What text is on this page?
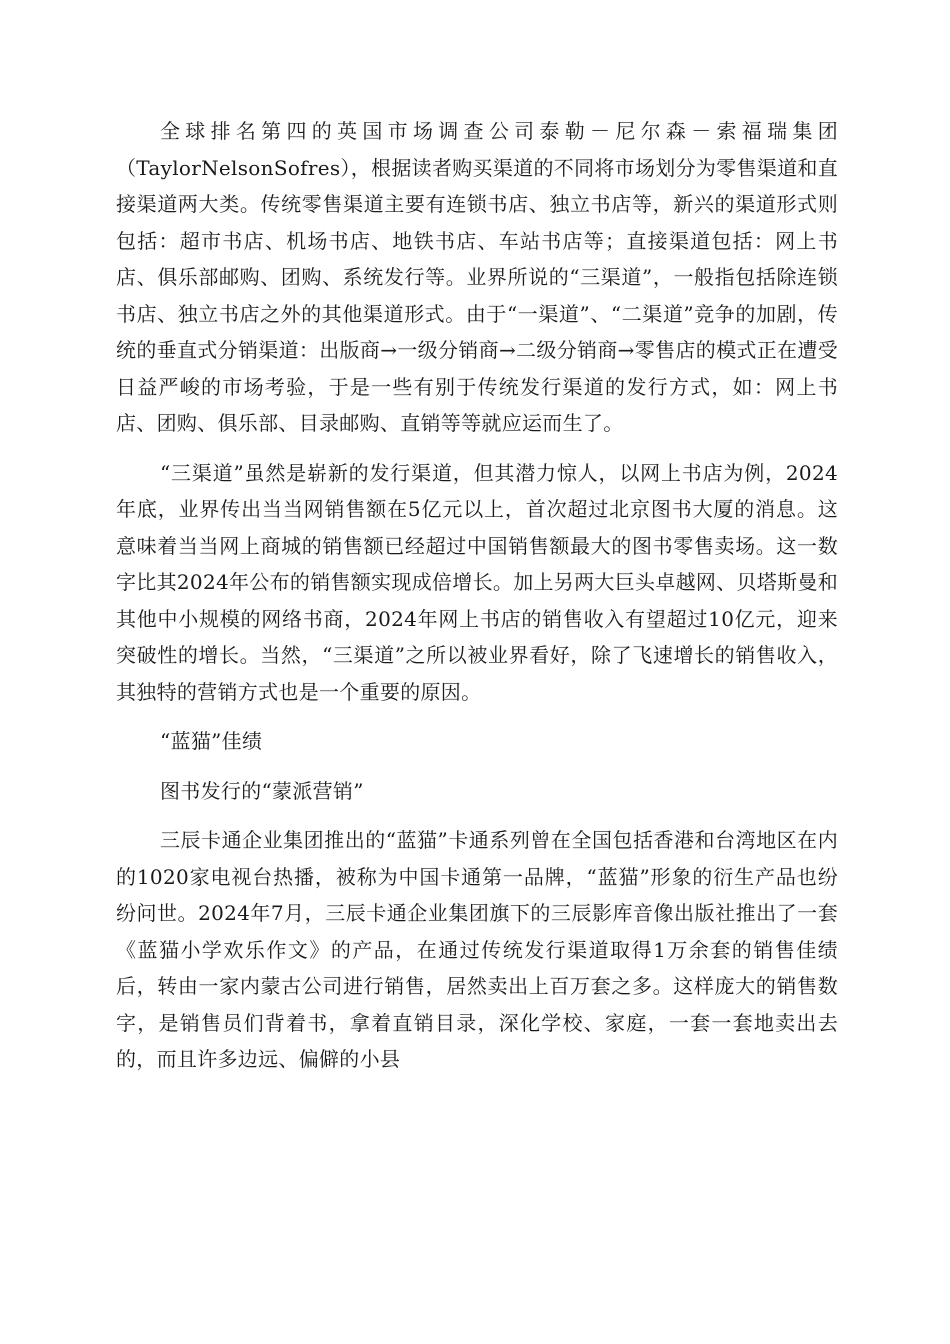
全球排名第四的英国市场调查公司泰勒－尼尔森－索福瑞集团（TaylorNelsonSofres），根据读者购买渠道的不同将市场划分为零售渠道和直接渠道两大类。传统零售渠道主要有连锁书店、独立书店等，新兴的渠道形式则包括：超市书店、机场书店、地铁书店、车站书店等；直接渠道包括：网上书店、俱乐部邮购、团购、系统发行等。业界所说的“三渠道”，一般指包括除连锁书店、独立书店之外的其他渠道形式。由于“一渠道”、“二渠道”竞争的加剧，传统的垂直式分销渠道：出版商→一级分销商→二级分销商→零售店的模式正在遭受日益严峻的市场考验，于是一些有别于传统发行渠道的发行方式，如：网上书店、团购、俱乐部、目录邮购、直销等等就应运而生了。

“三渠道”虽然是崭新的发行渠道，但其潜力惊人，以网上书店为例，2024年底，业界传出当当网销售额在5亿元以上，首次超过北京图书大厦的消息。这意味着当当网上商城的销售额已经超过中国销售额最大的图书零售卖场。这一数字比其2024年公布的销售额实现成倍增长。加上另两大巨头卓越网、贝塔斯曼和其他中小规模的网络书商，2024年网上书店的销售收入有望超过10亿元，迎来突破性的增长。当然，“三渠道”之所以被业界看好，除了飞速增长的销售收入，其独特的营销方式也是一个重要的原因。

“蓝猫”佳绩

图书发行的“蒙派营销”

三辰卡通企业集团推出的“蓝猫”卡通系列曾在全国包括香港和台湾地区在内的1020家电视台热播，被称为中国卡通第一品牌，“蓝猫”形象的衍生产品也纷纷问世。2024年7月，三辰卡通企业集团旗下的三辰影库音像出版社推出了一套《蓝猫小学欢乐作文》的产品，在通过传统发行渠道取得1万余套的销售佳绩后，转由一家内蒙古公司进行销售，居然卖出上百万套之多。这样庞大的销售数字，是销售员们背着书，拿着直销目录，深化学校、家庭，一套一套地卖出去的，而且许多边远、偏僻的小县
